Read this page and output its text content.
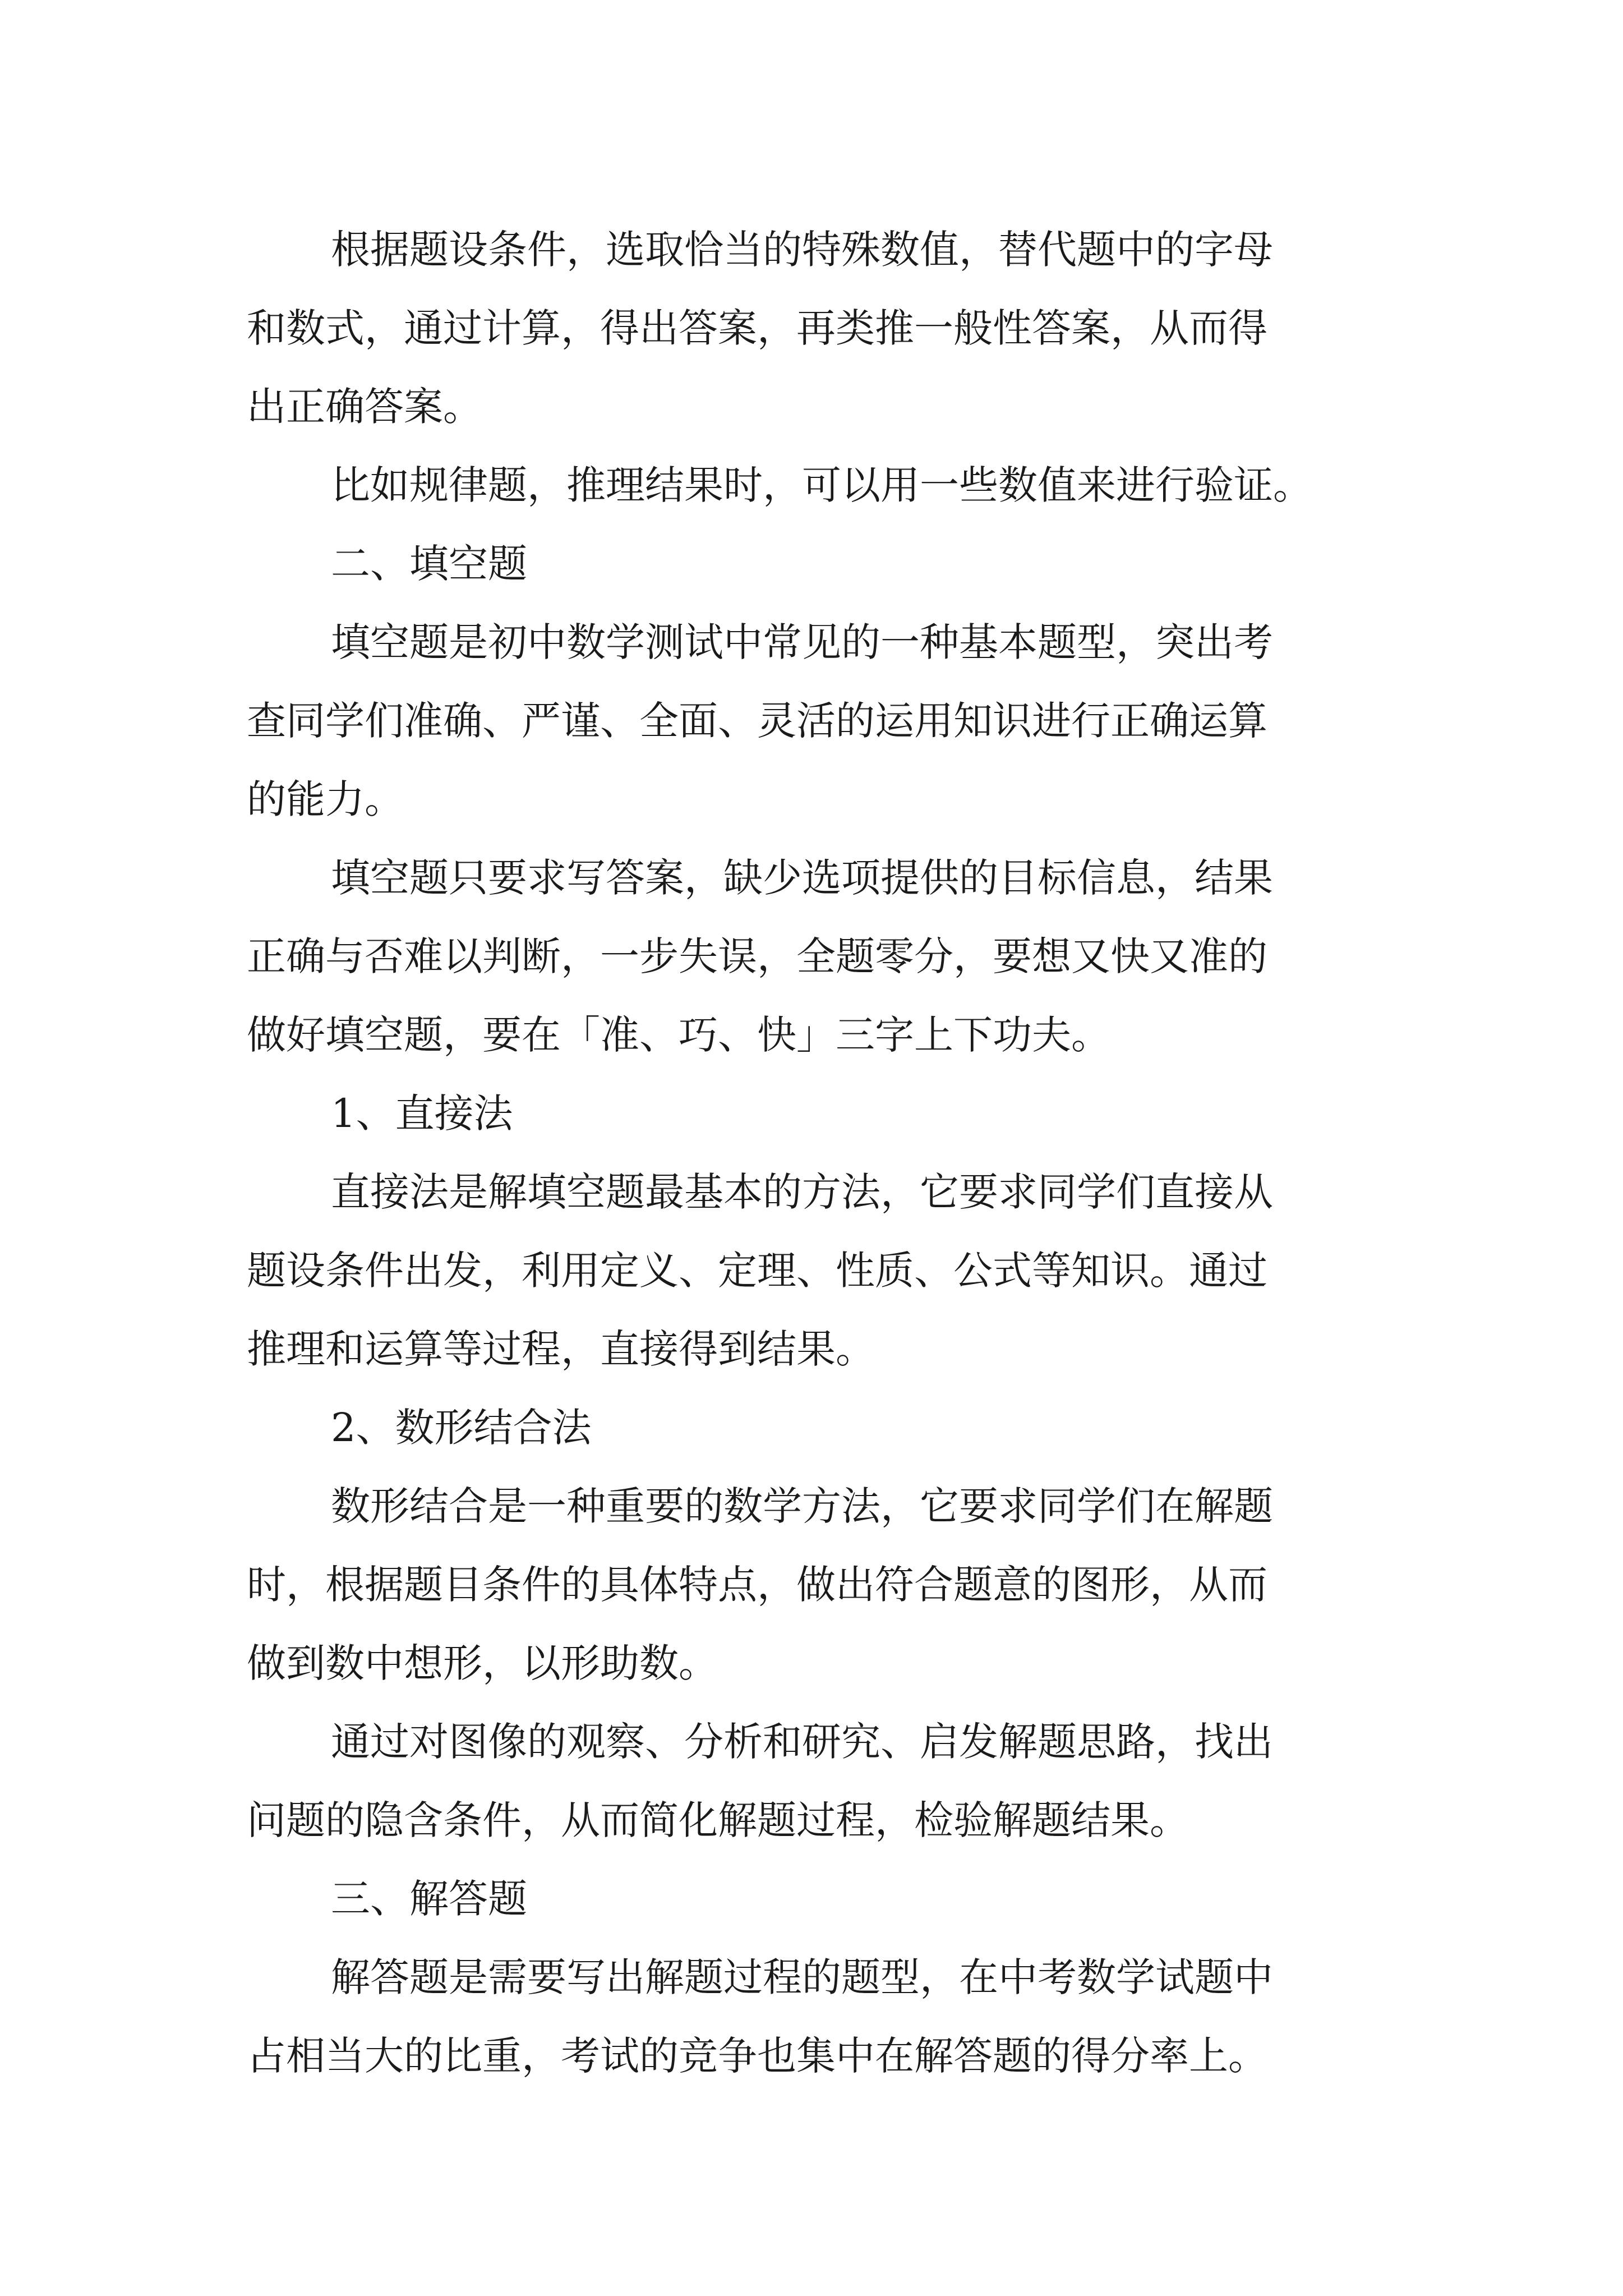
根据题设条件，选取恰当的特殊数值，替代题中的字母
和数式，通过计算，得出答案，再类推一般性答案，从而得
出正确答案。
比如规律题，推理结果时，可以用一些数值来进行验证。
二、填空题
填空题是初中数学测试中常见的一种基本题型，突出考
查同学们准确、严谨、全面、灵活的运用知识进行正确运算
的能力。
填空题只要求写答案，缺少选项提供的目标信息，结果
正确与否难以判断，一步失误，全题零分，要想又快又准的
做好填空题，要在「准、巧、快」三字上下功夫。
1、直接法
直接法是解填空题最基本的方法，它要求同学们直接从
题设条件出发，利用定义、定理、性质、公式等知识。通过
推理和运算等过程，直接得到结果。
2、数形结合法
数形结合是一种重要的数学方法，它要求同学们在解题
时，根据题目条件的具体特点，做出符合题意的图形，从而
做到数中想形，以形助数。
通过对图像的观察、分析和研究、启发解题思路，找出
问题的隐含条件，从而简化解题过程，检验解题结果。
三、解答题
解答题是需要写出解题过程的题型，在中考数学试题中
占相当大的比重，考试的竞争也集中在解答题的得分率上。
